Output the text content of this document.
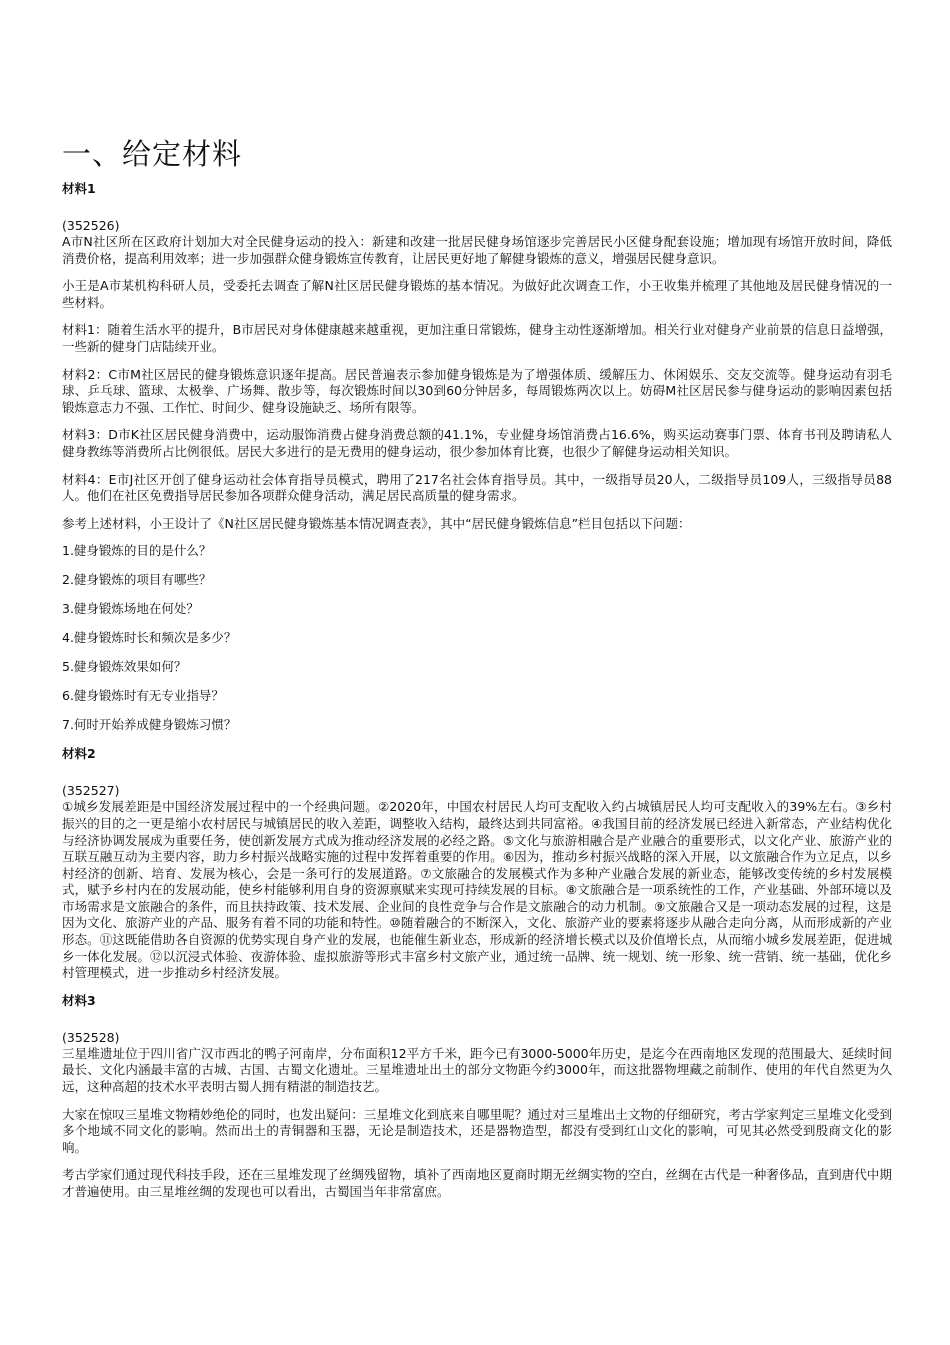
一、给定材料
材料1
(352526)

A市N社区所在区政府计划加大对全民健身运动的投入：新建和改建一批居民健身场馆逐步完善居民小区健身配套设施；增加现有场馆开放时间，降低消费价格，提高利用效率；进一步加强群众健身锻炼宣传教育，让居民更好地了解健身锻炼的意义，增强居民健身意识。

小王是A市某机构科研人员，受委托去调查了解N社区居民健身锻炼的基本情况。为做好此次调查工作，小王收集并梳理了其他地及居民健身情况的一些材料。

材料1：随着生活水平的提升，B市居民对身体健康越来越重视，更加注重日常锻炼，健身主动性逐渐增加。相关行业对健身产业前景的信息日益增强，一些新的健身门店陆续开业。

材料2：C市M社区居民的健身锻炼意识逐年提高。居民普遍表示参加健身锻炼是为了增强体质、缓解压力、休闲娱乐、交友交流等。健身运动有羽毛球、乒乓球、篮球、太极拳、广场舞、散步等，每次锻炼时间以30到60分钟居多，每周锻炼两次以上。妨碍M社区居民参与健身运动的影响因素包括锻炼意志力不强、工作忙、时间少、健身设施缺乏、场所有限等。

材料3：D市K社区居民健身消费中，运动服饰消费占健身消费总额的41.1%，专业健身场馆消费占16.6%，购买运动赛事门票、体育书刊及聘请私人健身教练等消费所占比例很低。居民大多进行的是无费用的健身运动，很少参加体育比赛，也很少了解健身运动相关知识。

材料4：E市J社区开创了健身运动社会体育指导员模式，聘用了217名社会体育指导员。其中，一级指导员20人，二级指导员109人，三级指导员88人。他们在社区免费指导居民参加各项群众健身活动，满足居民高质量的健身需求。

参考上述材料，小王设计了《N社区居民健身锻炼基本情况调查表》，其中“居民健身锻炼信息”栏目包括以下问题：

1.健身锻炼的目的是什么？
2.健身锻炼的项目有哪些？
3.健身锻炼场地在何处？
4.健身锻炼时长和频次是多少？
5.健身锻炼效果如何？
6.健身锻炼时有无专业指导？
7.何时开始养成健身锻炼习惯？
材料2
(352527)

①城乡发展差距是中国经济发展过程中的一个经典问题。②2020年，中国农村居民人均可支配收入约占城镇居民人均可支配收入的39%左右。③乡村振兴的目的之一更是缩小农村居民与城镇居民的收入差距，调整收入结构，最终达到共同富裕。④我国目前的经济发展已经进入新常态，产业结构优化与经济协调发展成为重要任务，使创新发展方式成为推动经济发展的必经之路。⑤文化与旅游相融合是产业融合的重要形式，以文化产业、旅游产业的互联互融互动为主要内容，助力乡村振兴战略实施的过程中发挥着重要的作用。⑥因为，推动乡村振兴战略的深入开展，以文旅融合作为立足点，以乡村经济的创新、培育、发展为核心，会是一条可行的发展道路。⑦文旅融合的发展模式作为多种产业融合发展的新业态，能够改变传统的乡村发展模式，赋予乡村内在的发展动能，使乡村能够利用自身的资源禀赋来实现可持续发展的目标。⑧文旅融合是一项系统性的工作，产业基础、外部环境以及市场需求是文旅融合的条件，而且扶持政策、技术发展、企业间的良性竞争与合作是文旅融合的动力机制。⑨文旅融合又是一项动态发展的过程，这是因为文化、旅游产业的产品、服务有着不同的功能和特性。⑩随着融合的不断深入，文化、旅游产业的要素将逐步从融合走向分离，从而形成新的产业形态。⑪这既能借助各自资源的优势实现自身产业的发展，也能催生新业态，形成新的经济增长模式以及价值增长点，从而缩小城乡发展差距，促进城乡一体化发展。⑫以沉浸式体验、夜游体验、虚拟旅游等形式丰富乡村文旅产业，通过统一品牌、统一规划、统一形象、统一营销、统一基础，优化乡村管理模式，进一步推动乡村经济发展。

材料3
(352528)

三星堆遗址位于四川省广汉市西北的鸭子河南岸，分布面积12平方千米，距今已有3000-5000年历史，是迄今在西南地区发现的范围最大、延续时间最长、文化内涵最丰富的古城、古国、古蜀文化遗址。三星堆遗址出土的部分文物距今约3000年，而这批器物埋藏之前制作、使用的年代自然更为久远，这种高超的技术水平表明古蜀人拥有精湛的制造技艺。

大家在惊叹三星堆文物精妙绝伦的同时，也发出疑问：三星堆文化到底来自哪里呢？通过对三星堆出土文物的仔细研究，考古学家判定三星堆文化受到多个地域不同文化的影响。然而出土的青铜器和玉器，无论是制造技术，还是器物造型，都没有受到红山文化的影响，可见其必然受到殷商文化的影响。

考古学家们通过现代科技手段，还在三星堆发现了丝绸残留物，填补了西南地区夏商时期无丝绸实物的空白，丝绸在古代是一种奢侈品，直到唐代中期才普遍使用。由三星堆丝绸的发现也可以看出，古蜀国当年非常富庶。
